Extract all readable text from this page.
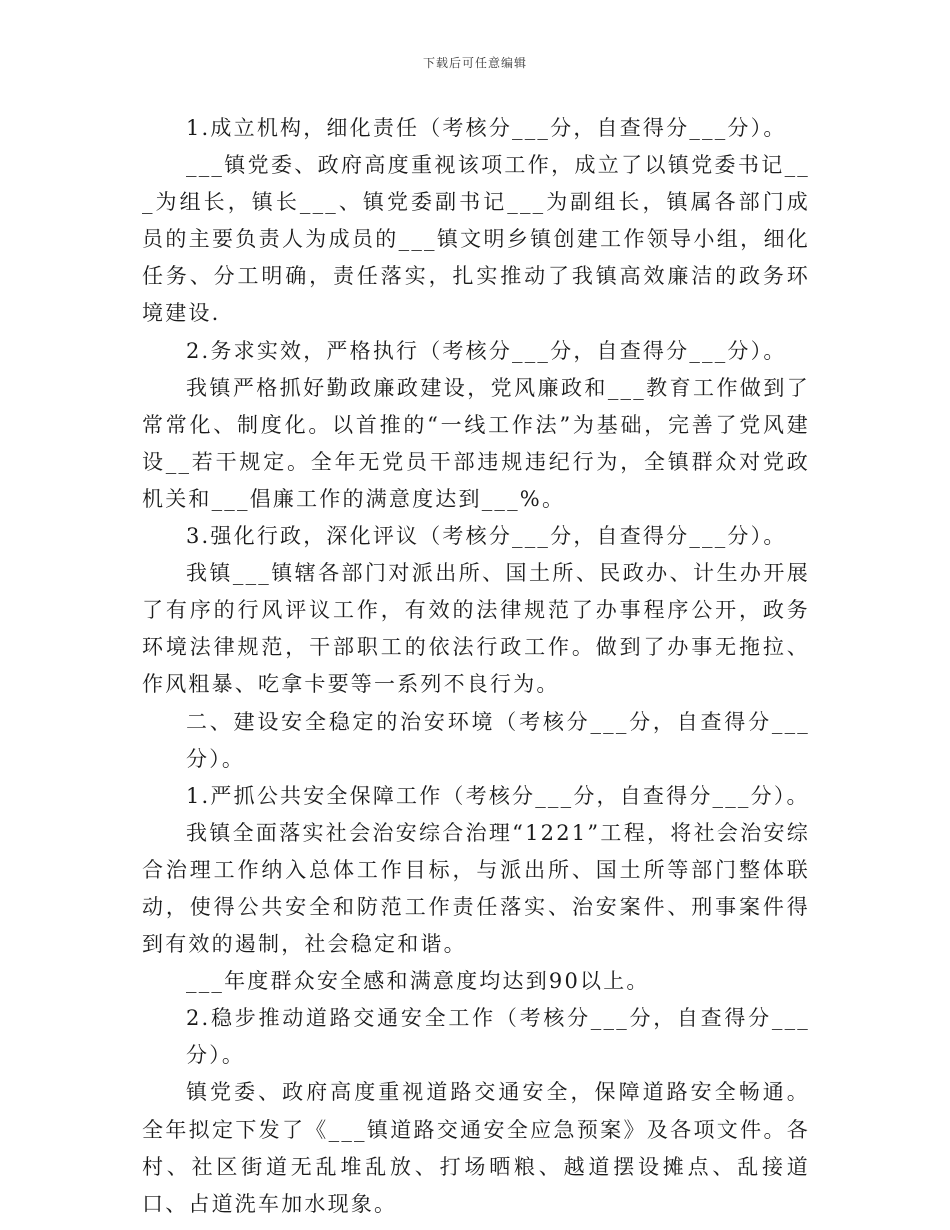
下载后可任意编辑

1.成立机构，细化责任（考核分___分，自查得分___分）。

___镇党委、政府高度重视该项工作，成立了以镇党委书记___为组长，镇长___、镇党委副书记___为副组长，镇属各部门成员的主要负责人为成员的___镇文明乡镇创建工作领导小组，细化任务、分工明确，责任落实，扎实推动了我镇高效廉洁的政务环境建设.

2.务求实效，严格执行（考核分___分，自查得分___分）。

我镇严格抓好勤政廉政建设，党风廉政和___教育工作做到了常常化、制度化。以首推的“一线工作法”为基础，完善了党风建设__若干规定。全年无党员干部违规违纪行为，全镇群众对党政机关和___倡廉工作的满意度达到___%。

3.强化行政，深化评议（考核分___分，自查得分___分）。

我镇___镇辖各部门对派出所、国土所、民政办、计生办开展了有序的行风评议工作，有效的法律规范了办事程序公开，政务环境法律规范，干部职工的依法行政工作。做到了办事无拖拉、作风粗暴、吃拿卡要等一系列不良行为。

二、建设安全稳定的治安环境（考核分___分，自查得分___分）。

1.严抓公共安全保障工作（考核分___分，自查得分___分）。

我镇全面落实社会治安综合治理“1221”工程，将社会治安综合治理工作纳入总体工作目标，与派出所、国土所等部门整体联动，使得公共安全和防范工作责任落实、治安案件、刑事案件得到有效的遏制，社会稳定和谐。

___年度群众安全感和满意度均达到90以上。

2.稳步推动道路交通安全工作（考核分___分，自查得分___分）。

镇党委、政府高度重视道路交通安全，保障道路安全畅通。全年拟定下发了《___镇道路交通安全应急预案》及各项文件。各村、社区街道无乱堆乱放、打场晒粮、越道摆设摊点、乱接道口、占道洗车加水现象。
